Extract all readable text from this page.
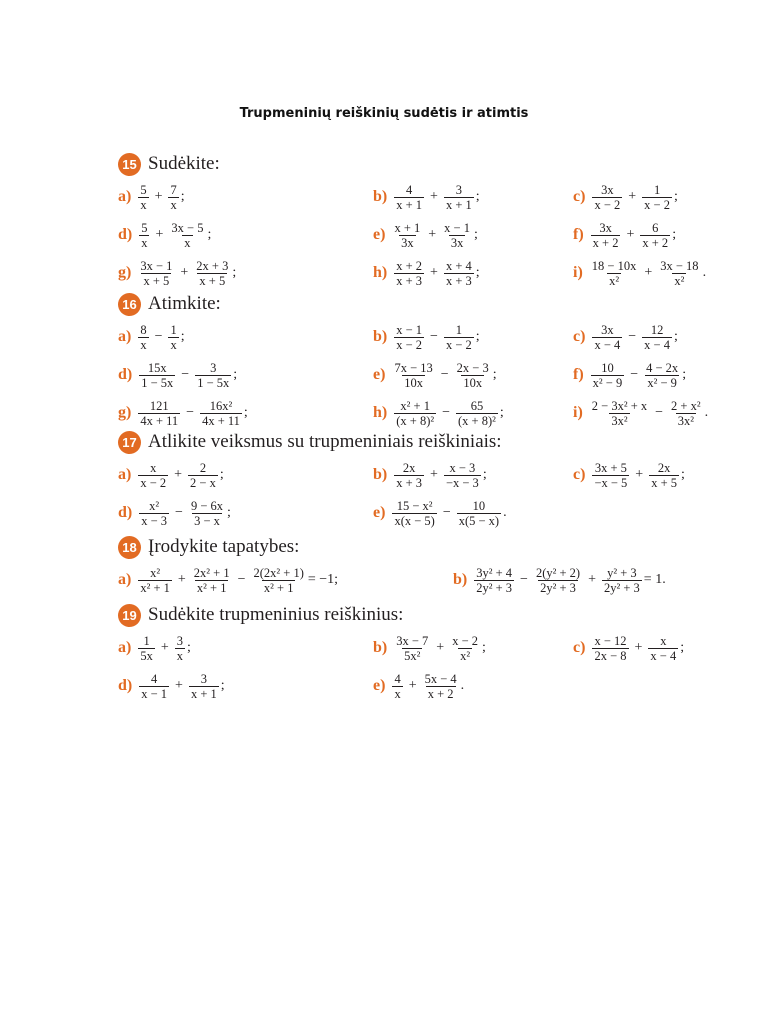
Trupmeninių reiškinių sudėtis ir atimtis
15 Sudėkite:
$a) \frac{5}{x} + \frac{7}{x}$ ;	$b) \frac{4}{x + 1} + \frac{3}{x + 1}$ ;	$c) \frac{3x}{x - 2} + \frac{1}{x - 2}$ ;
$d) \frac{5}{x} + \frac{3x - 5}{x}$ ;	$e) \frac{x + 1}{3x} + \frac{x - 1}{3x}$ ;	$f) \frac{3x}{x + 2} + \frac{6}{x + 2}$ ;
$g) \frac{3x - 1}{x + 5} + \frac{2x + 3}{x + 5}$ ;	$h) \frac{x + 2}{x + 3} + \frac{x + 4}{x + 3}$ ;	$i) \frac{18 - 10x}{\text{x²}} + \frac{3x - 18}{\text{x²}}$ .
16 Atimkite:
$a) \frac{8}{x} - \frac{1}{x}$ ;	$b) \frac{x - 1}{x - 2} - \frac{1}{x - 2}$ ;	$c) \frac{3x}{x - 4} - \frac{12}{x - 4}$ ;
$d) \frac{15x}{1 - 5x} - \frac{3}{1 - 5x}$ ;	$e) \frac{7x - 13}{10x} - \frac{2x - 3}{10x}$ ;	$f) \frac{10}{\text{x² − 9}} - \frac{4 - 2x}{\text{x² − 9}}$ ;
$g) \frac{121}{4x + 11} - \frac{\text{16x²}}{4x + 11}$ ;	$h) \frac{\text{x² + 1}}{\text{(x + 8)²}} - \frac{65}{\text{(x + 8)²}}$ ;	$i) \frac{\text{2 − 3x² + x}}{\text{3x²}} - \frac{\text{2 + x²}}{\text{3x²}}$ .
17 Atlikite veiksmus su trupmeniniais reiškiniais:
$a) \frac{x}{x - 2} + \frac{2}{2 - x}$ ;	$b) \frac{2x}{x + 3} + \frac{x - 3}{-x - 3}$ ;	$c) \frac{3x + 5}{-x - 5} + \frac{2x}{x + 5}$ ;
$d) \frac{\text{x²}}{x - 3} - \frac{9 - 6x}{3 - x}$ ;	$e) \frac{\text{15 − x²}}{x(x - 5)} - \frac{10}{x(5 - x)}$ .
18 Įrodykite tapatybes:
$a) \frac{\text{x²}}{\text{x² + 1}} + \frac{\text{2x² + 1}}{\text{x² + 1}} - \frac{\text{2(2x² + 1)}}{\text{x² + 1}} = -1$;	$b) \frac{\text{3y² + 4}}{\text{2y² + 3}} - \frac{\text{2(y² + 2)}}{\text{2y² + 3}} + \frac{\text{y² + 3}}{\text{2y² + 3}} = 1$.
19 Sudėkite trupmeninius reiškinius:
$a) \frac{1}{5x} + \frac{3}{x}$ ;	$b) \frac{3x - 7}{\text{5x²}} + \frac{x - 2}{\text{x²}}$ ;	$c) \frac{x - 12}{2x - 8} + \frac{x}{x - 4}$ ;
$d) \frac{4}{x - 1} + \frac{3}{x + 1}$ ;	$e) \frac{4}{x} + \frac{5x - 4}{x + 2}$ .
